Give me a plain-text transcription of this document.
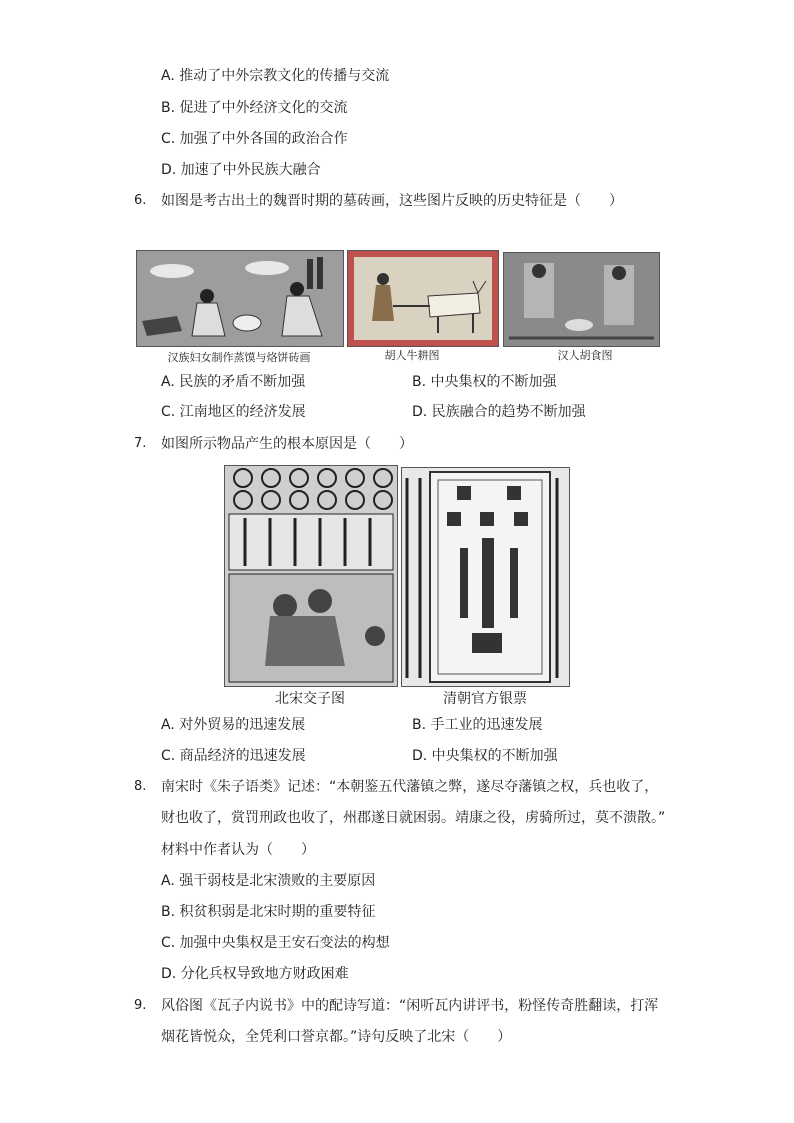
A. 推动了中外宗教文化的传播与交流
B. 促进了中外经济文化的交流
C. 加强了中外各国的政治合作
D. 加速了中外民族大融合
6. 如图是考古出土的魏晋时期的墓砖画，这些图片反映的历史特征是（　　）
汉族妇女制作蒸馍与烙饼砖画	胡人牛耕图	汉人胡食图
A. 民族的矛盾不断加强	B. 中央集权的不断加强
C. 江南地区的经济发展	D. 民族融合的趋势不断加强
7. 如图所示物品产生的根本原因是（　　）
北宋交子图	清朝官方银票
A. 对外贸易的迅速发展	B. 手工业的迅速发展
C. 商品经济的迅速发展	D. 中央集权的不断加强
8. 南宋时《朱子语类》记述：“本朝鉴五代藩镇之弊，遂尽夺藩镇之权，兵也收了，
财也收了，赏罚刑政也收了，州郡遂日就困弱。靖康之役，虏骑所过，莫不溃散。”
材料中作者认为（　　）
A. 强干弱枝是北宋溃败的主要原因
B. 积贫积弱是北宋时期的重要特征
C. 加强中央集权是王安石变法的构想
D. 分化兵权导致地方财政困难
9. 风俗图《瓦子内说书》中的配诗写道：“闲听瓦内讲评书，粉怪传奇胜翻读，打浑
烟花皆悦众，全凭利口誉京都。”诗句反映了北宋（　　）
